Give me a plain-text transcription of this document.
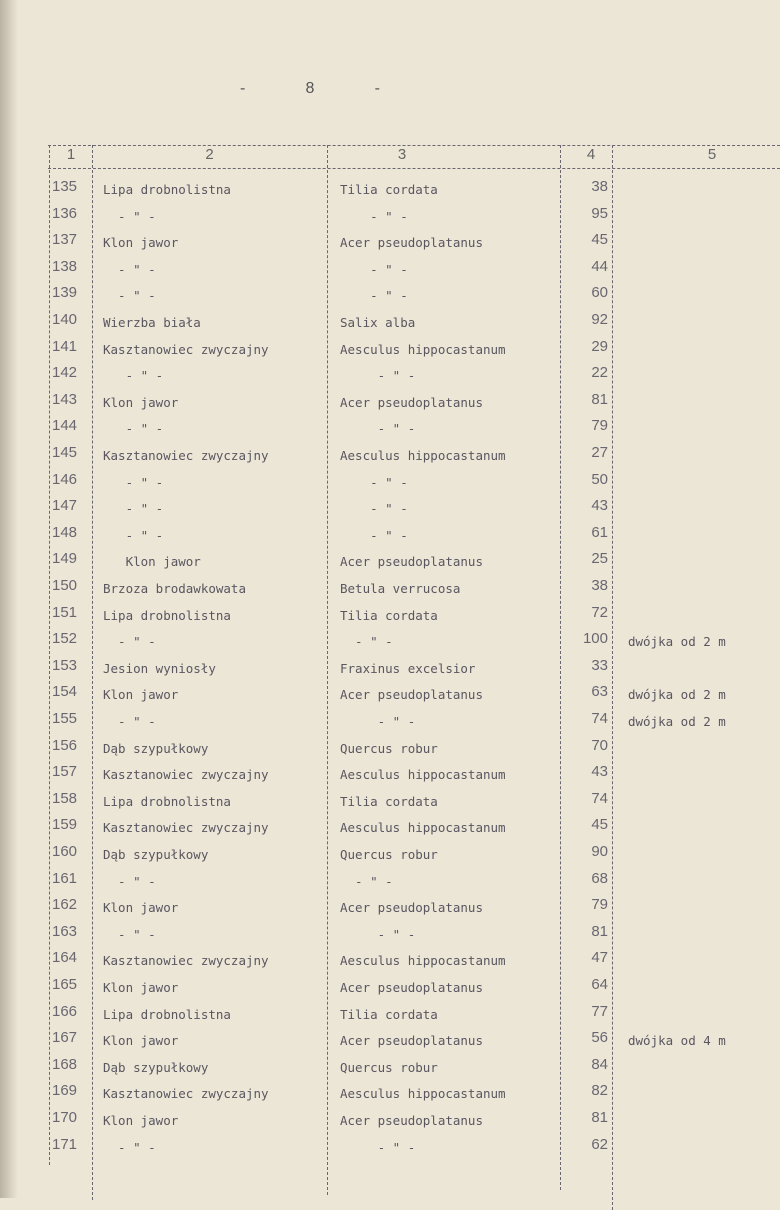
-	8	-
1	2	3	4	5
135	Lipa drobnolistna	Tilia cordata	38
136	- " -	- " -	95
137	Klon jawor	Acer pseudoplatanus	45
138	- " -	- " -	44
139	- " -	- " -	60
140	Wierzba biała	Salix alba	92
141	Kasztanowiec zwyczajny	Aesculus hippocastanum	29
142	- " -	- " -	22
143	Klon jawor	Acer pseudoplatanus	81
144	- " -	- " -	79
145	Kasztanowiec zwyczajny	Aesculus hippocastanum	27
146	- " -	- " -	50
147	- " -	- " -	43
148	- " -	- " -	61
149	Klon jawor	Acer pseudoplatanus	25
150	Brzoza brodawkowata	Betula verrucosa	38
151	Lipa drobnolistna	Tilia cordata	72
152	- " -	- " -	100 dwójka od 2 m
153	Jesion wyniosły	Fraxinus excelsior	33
154	Klon jawor	Acer pseudoplatanus	63 dwójka od 2 m
155	- " -	- " -	74 dwójka od 2 m
156	Dąb szypułkowy	Quercus robur	70
157	Kasztanowiec zwyczajny	Aesculus hippocastanum	43
158	Lipa drobnolistna	Tilia cordata	74
159	Kasztanowiec zwyczajny	Aesculus hippocastanum	45
160	Dąb szypułkowy	Quercus robur	90
161	- " -	- " -	68
162	Klon jawor	Acer pseudoplatanus	79
163	- " -	- " -	81
164	Kasztanowiec zwyczajny	Aesculus hippocastanum	47
165	Klon jawor	Acer pseudoplatanus	64
166	Lipa drobnolistna	Tilia cordata	77
167	Klon jawor	Acer pseudoplatanus	56 dwójka od 4 m
168	Dąb szypułkowy	Quercus robur	84
169	Kasztanowiec zwyczajny	Aesculus hippocastanum	82
170	Klon jawor	Acer pseudoplatanus	81
171	- " -	- " -	62
